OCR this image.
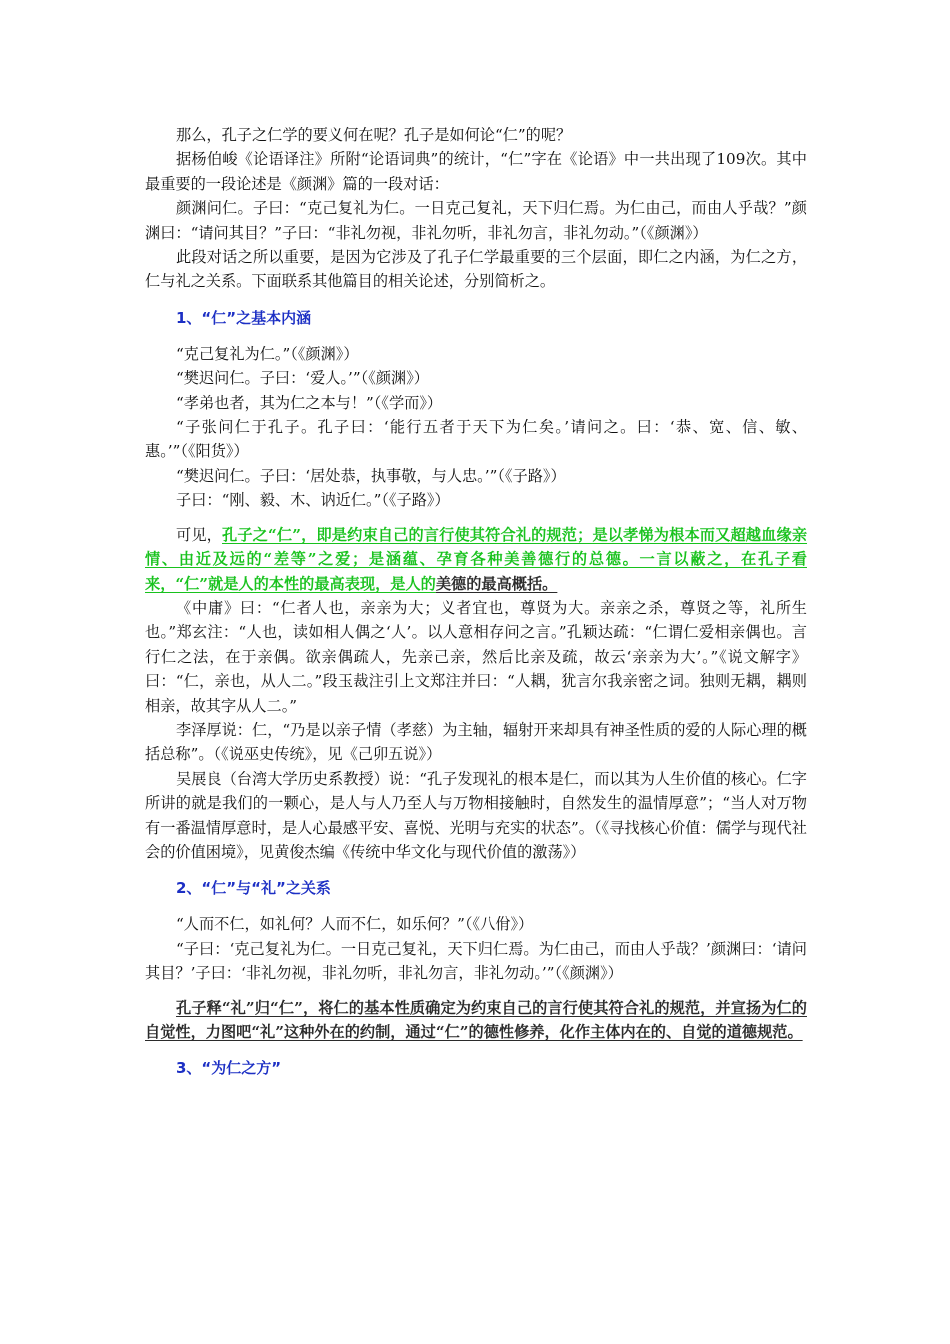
那么，孔子之仁学的要义何在呢？孔子是如何论“仁”的呢？

据杨伯峻《论语译注》所附“论语词典”的统计，“仁”字在《论语》中一共出现了109次。其中最重要的一段论述是《颜渊》篇的一段对话：

颜渊问仁。子曰：“克己复礼为仁。一日克己复礼，天下归仁焉。为仁由己，而由人乎哉？”颜渊曰：“请问其目？”子曰：“非礼勿视，非礼勿听，非礼勿言，非礼勿动。”（《颜渊》）

此段对话之所以重要，是因为它涉及了孔子仁学最重要的三个层面，即仁之内涵，为仁之方，仁与礼之关系。下面联系其他篇目的相关论述，分别简析之。

1、“仁”之基本内涵

“克己复礼为仁。”（《颜渊》）

“樊迟问仁。子曰：‘爱人。’”（《颜渊》）

“孝弟也者，其为仁之本与！”（《学而》）

“子张问仁于孔子。孔子曰：‘能行五者于天下为仁矣。’请问之。曰：‘恭、宽、信、敏、惠。’”（《阳货》）

“樊迟问仁。子曰：‘居处恭，执事敬，与人忠。’”（《子路》）

子曰：“刚、毅、木、讷近仁。”（《子路》）

可见，孔子之“仁”，即是约束自己的言行使其符合礼的规范；是以孝悌为根本而又超越血缘亲情、由近及远的“差等”之爱；是涵蕴、孕育各种美善德行的总德。一言以蔽之，在孔子看来，“仁”就是人的本性的最高表现，是人的美德的最高概括。

《中庸》曰：“仁者人也，亲亲为大；义者宜也，尊贤为大。亲亲之杀，尊贤之等，礼所生也。”郑玄注：“人也，读如相人偶之‘人’。以人意相存问之言。”孔颖达疏：“仁谓仁爱相亲偶也。言行仁之法，在于亲偶。欲亲偶疏人，先亲己亲，然后比亲及疏，故云‘亲亲为大’。”《说文解字》曰：“仁，亲也，从人二。”段玉裁注引上文郑注并曰：“人耦，犹言尔我亲密之词。独则无耦，耦则相亲，故其字从人二。”

李泽厚说：仁，“乃是以亲子情（孝慈）为主轴，辐射开来却具有神圣性质的爱的人际心理的概括总称”。（《说巫史传统》，见《己卯五说》）

吴展良（台湾大学历史系教授）说：“孔子发现礼的根本是仁，而以其为人生价值的核心。仁字所讲的就是我们的一颗心，是人与人乃至人与万物相接触时，自然发生的温情厚意”；“当人对万物有一番温情厚意时，是人心最感平安、喜悦、光明与充实的状态”。（《寻找核心价值：儒学与现代社会的价值困境》，见黄俊杰编《传统中华文化与现代价值的激荡》）

2、“仁”与“礼”之关系

“人而不仁，如礼何？人而不仁，如乐何？”（《八佾》）

“子曰：‘克己复礼为仁。一日克己复礼，天下归仁焉。为仁由己，而由人乎哉？’颜渊曰：‘请问其目？’子曰：‘非礼勿视，非礼勿听，非礼勿言，非礼勿动。’”（《颜渊》）

孔子释“礼”归“仁”，将仁的基本性质确定为约束自己的言行使其符合礼的规范，并宣扬为仁的自觉性，力图吧“礼”这种外在的约制，通过“仁”的德性修养，化作主体内在的、自觉的道德规范。

3、“为仁之方”
